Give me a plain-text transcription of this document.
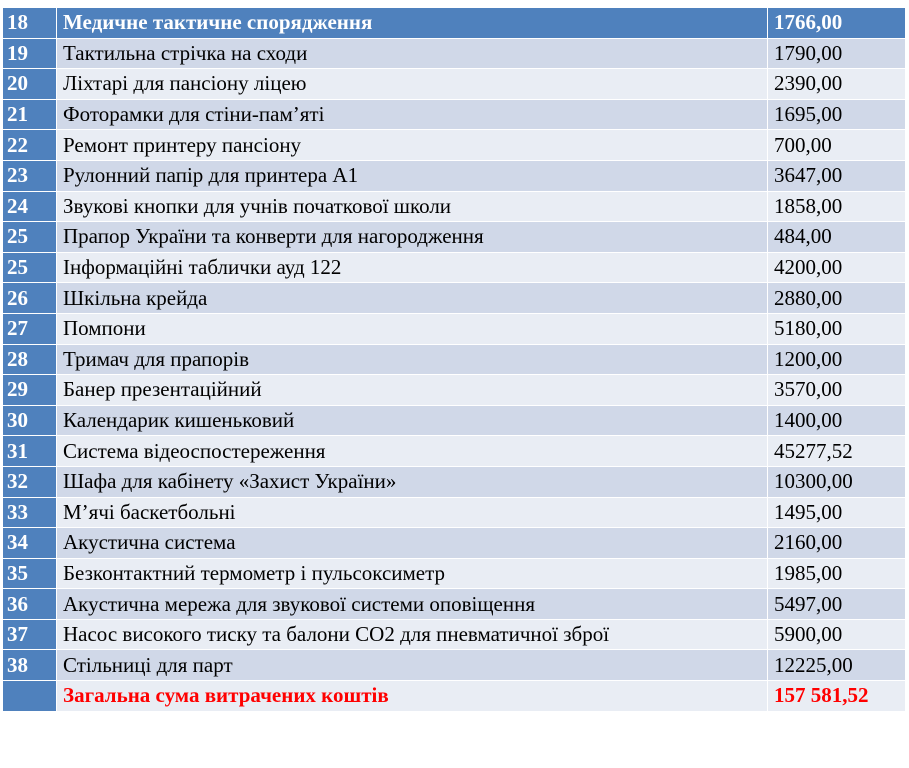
18	Медичне тактичне спорядження	1766,00
19	Тактильна стрічка на сходи	1790,00
20	Ліхтарі для пансіону ліцею	2390,00
21	Фоторамки для стіни-пам’яті	1695,00
22	Ремонт принтеру пансіону	700,00
23	Рулонний папір для принтера А1	3647,00
24	Звукові кнопки для учнів початкової школи	1858,00
25	Прапор України та конверти для нагородження	484,00
25	Інформаційні таблички ауд 122	4200,00
26	Шкільна крейда	2880,00
27	Помпони	5180,00
28	Тримач для прапорів	1200,00
29	Банер презентаційний	3570,00
30	Календарик кишеньковий	1400,00
31	Система відеоспостереження	45277,52
32	Шафа для кабінету «Захист України»	10300,00
33	М’ячі баскетбольні	1495,00
34	Акустична система	2160,00
35	Безконтактний термометр і пульсоксиметр	1985,00
36	Акустична мережа для звукової системи оповіщення	5497,00
37	Насос високого тиску та балони СО2 для пневматичної зброї	5900,00
38	Стільниці для парт	12225,00
	Загальна сума витрачених коштів	157 581,52
